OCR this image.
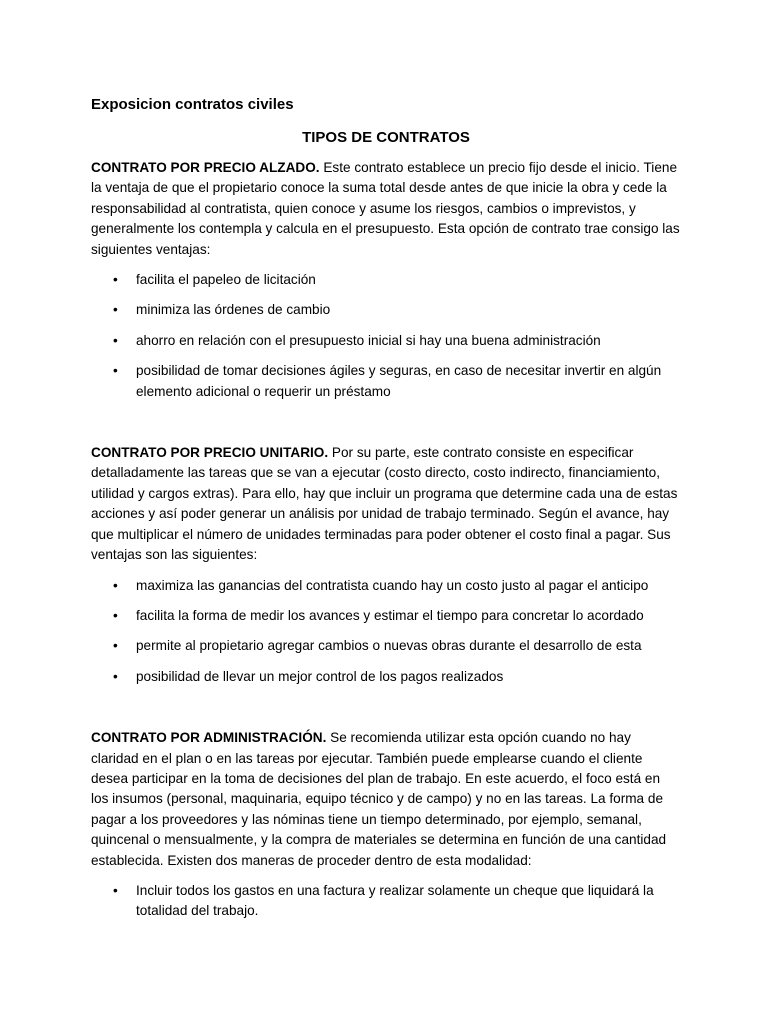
Exposicion contratos civiles
TIPOS DE CONTRATOS

CONTRATO POR PRECIO ALZADO. Este contrato establece un precio fijo desde el inicio. Tiene la ventaja de que el propietario conoce la suma total desde antes de que inicie la obra y cede la responsabilidad al contratista, quien conoce y asume los riesgos, cambios o imprevistos, y generalmente los contempla y calcula en el presupuesto. Esta opción de contrato trae consigo las siguientes ventajas:

• facilita el papeleo de licitación
• minimiza las órdenes de cambio
• ahorro en relación con el presupuesto inicial si hay una buena administración
• posibilidad de tomar decisiones ágiles y seguras, en caso de necesitar invertir en algún elemento adicional o requerir un préstamo

CONTRATO POR PRECIO UNITARIO. Por su parte, este contrato consiste en especificar detalladamente las tareas que se van a ejecutar (costo directo, costo indirecto, financiamiento, utilidad y cargos extras). Para ello, hay que incluir un programa que determine cada una de estas acciones y así poder generar un análisis por unidad de trabajo terminado. Según el avance, hay que multiplicar el número de unidades terminadas para poder obtener el costo final a pagar. Sus ventajas son las siguientes:

• maximiza las ganancias del contratista cuando hay un costo justo al pagar el anticipo
• facilita la forma de medir los avances y estimar el tiempo para concretar lo acordado
• permite al propietario agregar cambios o nuevas obras durante el desarrollo de esta
• posibilidad de llevar un mejor control de los pagos realizados

CONTRATO POR ADMINISTRACIÓN. Se recomienda utilizar esta opción cuando no hay claridad en el plan o en las tareas por ejecutar. También puede emplearse cuando el cliente desea participar en la toma de decisiones del plan de trabajo. En este acuerdo, el foco está en los insumos (personal, maquinaria, equipo técnico y de campo) y no en las tareas. La forma de pagar a los proveedores y las nóminas tiene un tiempo determinado, por ejemplo, semanal, quincenal o mensualmente, y la compra de materiales se determina en función de una cantidad establecida. Existen dos maneras de proceder dentro de esta modalidad:

• Incluir todos los gastos en una factura y realizar solamente un cheque que liquidará la totalidad del trabajo.
